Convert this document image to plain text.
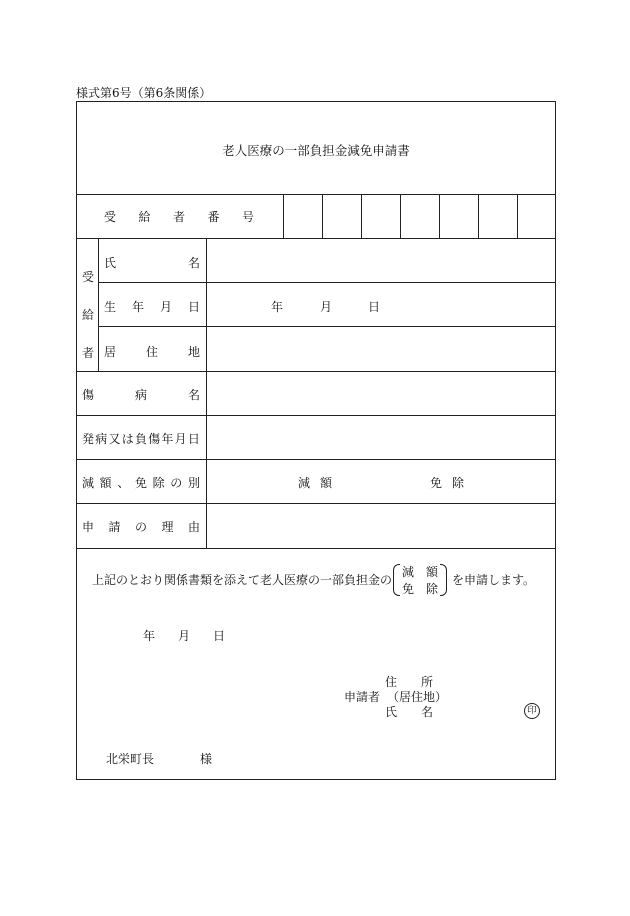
様式第6号（第6条関係）
老人医療の一部負担金減免申請書
受 給 者 番 号
受
給
者
氏	名
生 年 月 日	年	月	日
居 住 地
傷	病	名
発 病 又 は 負 傷 年 月 日
減 額 、 免 除 の 別	減 額	免 除
申 請 の 理 由
上記のとおり関係書類を添えて老人医療の一部負担金の
減 額
免 除
を申請します。
年 月 日
住 所
申請者 （居住地）
氏 名	印
北栄町長	様
